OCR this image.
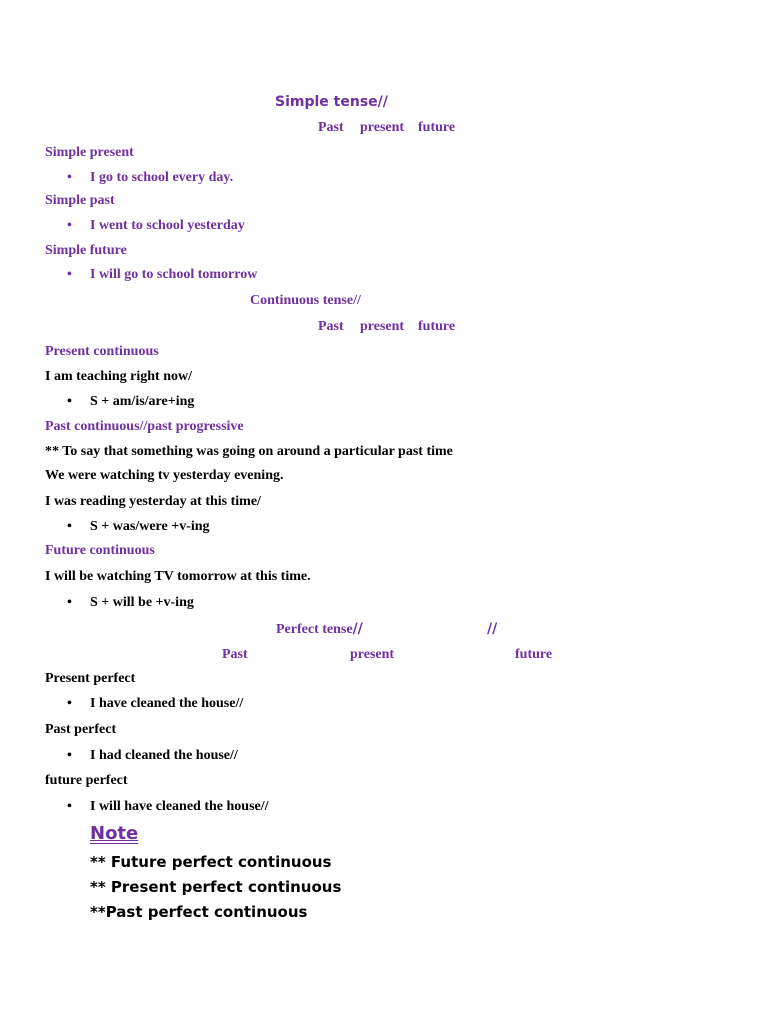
Simple tense//
Past present future
Simple present
• I go to school every day.
Simple past
• I went to school yesterday
Simple future
• I will go to school tomorrow
Continuous tense//
Past present future
Present continuous
I am teaching right now/
• S + am/is/are+ing
Past continuous//past progressive
** To say that something was going on around a particular past time
We were watching tv yesterday evening.
I was reading yesterday at this time/
• S + was/were +v-ing
Future continuous
I will be watching TV tomorrow at this time.
• S + will be +v-ing
Perfect tense//	//
Past	present	future
Present perfect
• I have cleaned the house//
Past perfect
• I had cleaned the house//
future perfect
• I will have cleaned the house//
Note
** Future perfect continuous
** Present perfect continuous
**Past perfect continuous
